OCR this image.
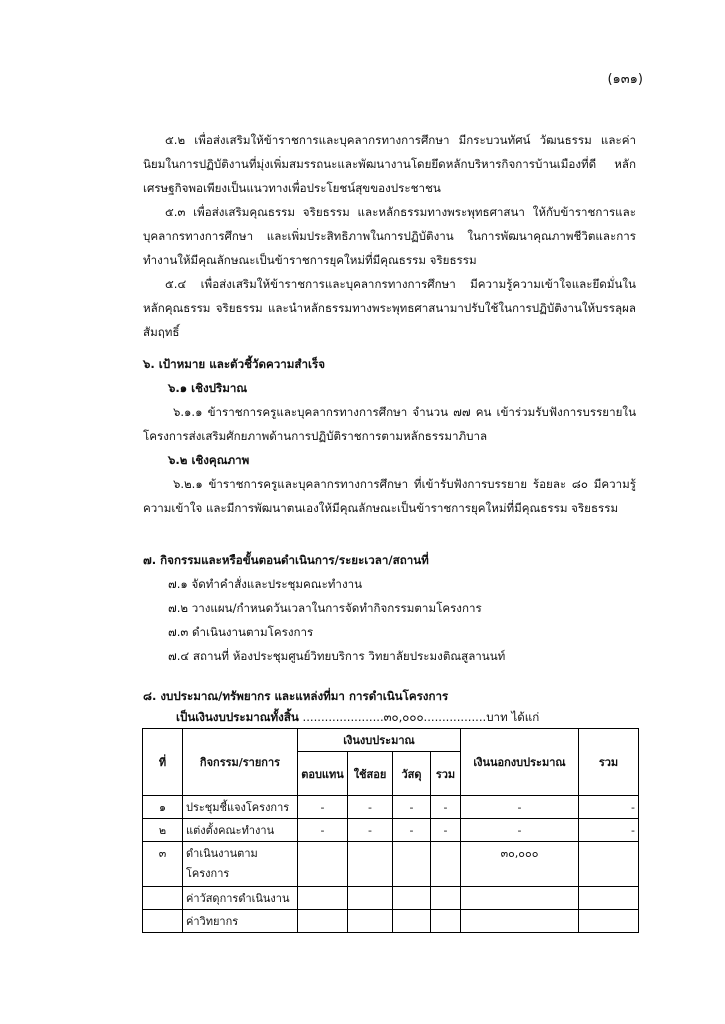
(๑๓๑)

๕.๒ เพื่อส่งเสริมให้ข้าราชการและบุคลากรทางการศึกษา มีกระบวนทัศน์ วัฒนธรรม และค่านิยมในการปฏิบัติงานที่มุ่งเพิ่มสมรรถนะและพัฒนางานโดยยึดหลักบริหารกิจการบ้านเมืองที่ดี หลักเศรษฐกิจพอเพียงเป็นแนวทางเพื่อประโยชน์สุขของประชาชน

๕.๓ เพื่อส่งเสริมคุณธรรม จริยธรรม และหลักธรรมทางพระพุทธศาสนา ให้กับข้าราชการและบุคลากรทางการศึกษา และเพิ่มประสิทธิภาพในการปฏิบัติงาน ในการพัฒนาคุณภาพชีวิตและการทำงานให้มีคุณลักษณะเป็นข้าราชการยุคใหม่ที่มีคุณธรรม จริยธรรม

๕.๔ เพื่อส่งเสริมให้ข้าราชการและบุคลากรทางการศึกษา มีความรู้ความเข้าใจและยึดมั่นในหลักคุณธรรม จริยธรรม และนำหลักธรรมทางพระพุทธศาสนามาปรับใช้ในการปฏิบัติงานให้บรรลุผลสัมฤทธิ์

๖. เป้าหมาย และตัวชี้วัดความสำเร็จ
๖.๑ เชิงปริมาณ

๖.๑.๑ ข้าราชการครูและบุคลากรทางการศึกษา จำนวน ๗๗ คน เข้าร่วมรับฟังการบรรยายในโครงการส่งเสริมศักยภาพด้านการปฏิบัติราชการตามหลักธรรมาภิบาล

๖.๒ เชิงคุณภาพ

๖.๒.๑ ข้าราชการครูและบุคลากรทางการศึกษา ที่เข้ารับฟังการบรรยาย ร้อยละ ๘๐ มีความรู้ความเข้าใจ และมีการพัฒนาตนเองให้มีคุณลักษณะเป็นข้าราชการยุคใหม่ที่มีคุณธรรม จริยธรรม

๗. กิจกรรมและหรือขั้นตอนดำเนินการ/ระยะเวลา/สถานที่
๗.๑ จัดทำคำสั่งและประชุมคณะทำงาน
๗.๒ วางแผน/กำหนดวันเวลาในการจัดทำกิจกรรมตามโครงการ
๗.๓ ดำเนินงานตามโครงการ
๗.๔ สถานที่ ห้องประชุมศูนย์วิทยบริการ วิทยาลัยประมงติณสูลานนท์
๘. งบประมาณ/ทรัพยากร และแหล่งที่มา การดำเนินโครงการ
เป็นเงินงบประมาณทั้งสิ้น ......................๓๐,๐๐๐.................บาท ได้แก่
ที่	กิจกรรม/รายการ	เงินงบประมาณ				เงินนอกงบประมาณ	รวม
		ตอบแทน	ใช้สอย	วัสดุ	รวม		
๑	ประชุมชี้แจงโครงการ	-	-	-	-	-	-
๒	แต่งตั้งคณะทำงาน	-	-	-	-	-	-
๓	ดำเนินงานตามโครงการ					๓๐,๐๐๐	
	ค่าวัสดุการดำเนินงาน						
	ค่าวิทยากร						
